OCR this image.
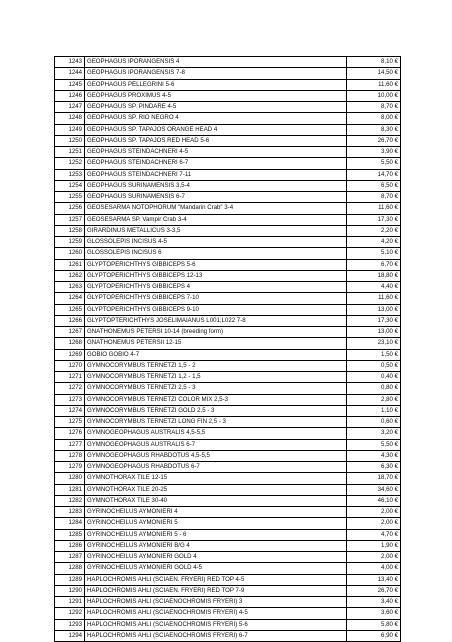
1243	GEOPHAGUS IPORANGENSIS 4	8,10 €
1244	GEOPHAGUS IPORANGENSIS 7-8	14,50 €
1245	GEOPHAGUS PELLEGRINI 5-6	11,60 €
1246	GEOPHAGUS PROXIMUS 4-5	10,00 €
1247	GEOPHAGUS SP. PINDARE 4-5	8,70 €
1248	GEOPHAGUS SP. RIO NEGRO 4	8,00 €
1249	GEOPHAGUS SP. TAPAJOS ORANGE HEAD 4	8,30 €
1250	GEOPHAGUS SP. TAPAJOS RED HEAD 5-6	26,70 €
1251	GEOPHAGUS STEINDACHNERI 4-5	3,90 €
1252	GEOPHAGUS STEINDACHNERI 6-7	5,50 €
1253	GEOPHAGUS STEINDACHNERI 7-11	14,70 €
1254	GEOPHAGUS SURINAMENSIS 3,5-4	6,50 €
1255	GEOPHAGUS SURINAMENSIS 6-7	8,70 €
1256	GEOSESARMA NOTOPHORUM "Mandarin Crab" 3-4	11,60 €
1257	GEOSESARMA SP. Vampir Crab 3-4	17,30 €
1258	GIRARDINUS METALLICUS 3-3,5	2,20 €
1259	GLOSSOLEPIS INCISUS 4-5	4,20 €
1260	GLOSSOLEPIS INCISUS 6	5,10 €
1261	GLYPTOPERICHTHYS GIBBICEPS 5-6	6,70 €
1262	GLYPTOPERICHTHYS GIBBICEPS 12-13	18,80 €
1263	GLYPTOPERICHTHYS GIBBICEPS 4	4,40 €
1264	GLYPTOPERICHTHYS GIBBICEPS 7-10	11,60 €
1265	GLYPTOPERICHTHYS GIBBICEPS 9-10	13,00 €
1266	GLYPTOPTERICHTHYS JOSELIMAIANUS L001;L022 7-8	17,30 €
1267	GNATHONEMUS PETERSI 10-14 (breeding form)	13,00 €
1268	GNATHONEMUS PETERSII 12-15	23,10 €
1269	GOBIO GOBIO 4-7	1,50 €
1270	GYMNOCORYMBUS TERNETZI 1,5 - 2	0,50 €
1271	GYMNOCORYMBUS TERNETZI 1,2 - 1,5	0,40 €
1272	GYMNOCORYMBUS TERNETZI 2,5 - 3	0,80 €
1273	GYMNOCORYMBUS TERNETZI COLOR MIX 2,5-3	2,80 €
1274	GYMNOCORYMBUS TERNETZI GOLD 2,5 - 3	1,10 €
1275	GYMNOCORYMBUS TERNETZI LONG FIN 2,5 - 3	0,60 €
1276	GYMNOGEOPHAGUS AUSTRALIS 4,5-5,5	3,20 €
1277	GYMNOGEOPHAGUS AUSTRALIS 6-7	5,50 €
1278	GYMNOGEOPHAGUS RHABDOTUS 4,5-5,5	4,30 €
1279	GYMNOGEOPHAGUS RHABDOTUS 6-7	6,30 €
1280	GYMNOTHORAX TILE 12-15	18,70 €
1281	GYMNOTHORAX TILE 20-25	34,60 €
1282	GYMNOTHORAX TILE 30-40	46,10 €
1283	GYRINOCHEILUS AYMONIERI 4	2,00 €
1284	GYRINOCHEILUS AYMONIERI 5	2,00 €
1285	GYRINOCHEILUS AYMONIERI 5 - 6	4,70 €
1286	GYRINOCHEILUS AYMONIERI B/G 4	1,90 €
1287	GYRINOCHEILUS AYMONIERI GOLD 4	2,00 €
1288	GYRINOCHEILUS AYMONIERI GOLD 4-5	4,00 €
1289	HAPLOCHROMIS AHLI (SCIAEN. FRYERI) RED TOP 4-5	13,40 €
1290	HAPLOCHROMIS AHLI (SCIAEN. FRYERI) RED TOP 7-9	26,70 €
1291	HAPLOCHROMIS AHLI (SCIAENOCHROMIS FRYERI) 3	3,40 €
1292	HAPLOCHROMIS AHLI (SCIAENOCHROMIS FRYERI) 4-5	3,60 €
1293	HAPLOCHROMIS AHLI (SCIAENOCHROMIS FRYERI) 5-6	5,80 €
1294	HAPLOCHROMIS AHLI (SCIAENOCHROMIS FRYERI) 6-7	6,90 €
